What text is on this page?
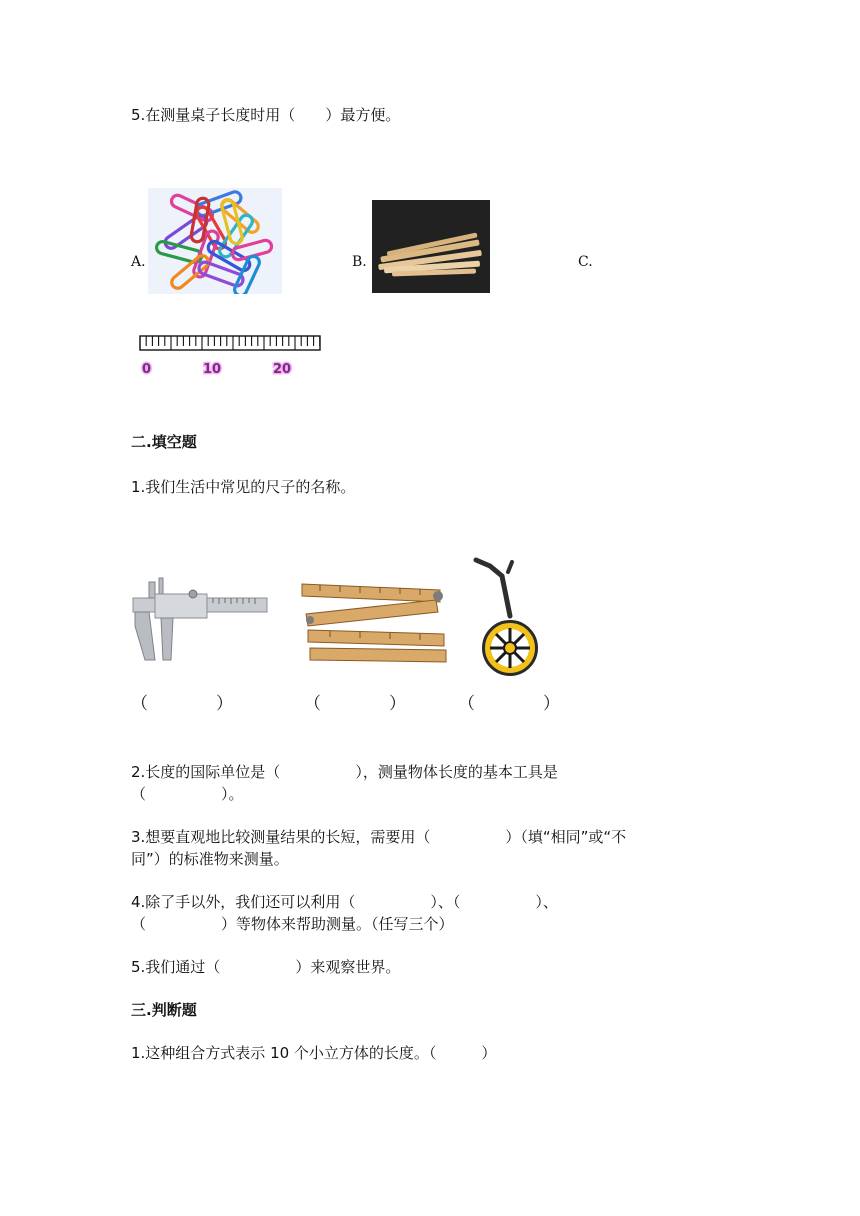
5.在测量桌子长度时用（　　）最方便。
A.	B.	C.
0	10	20
二.填空题
1.我们生活中常见的尺子的名称。
（　　　　）	（　　　　）	（　　　　）
2.长度的国际单位是（　　　　　），测量物体长度的基本工具是
（　　　　　）。
3.想要直观地比较测量结果的长短，需要用（　　　　　）（填“相同”或“不
同”）的标准物来测量。
4.除了手以外，我们还可以利用（　　　　　）、（　　　　　）、
（　　　　　）等物体来帮助测量。（任写三个）
5.我们通过（　　　　　）来观察世界。
三.判断题
1.这种组合方式表示 10 个小立方体的长度。（　　　）
